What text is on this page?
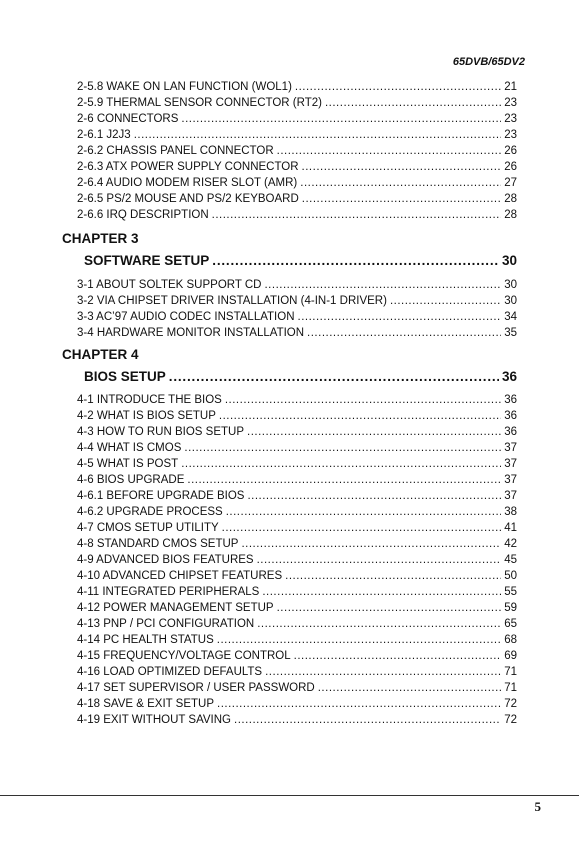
65DVB/65DV2
2-5.8 WAKE ON LAN FUNCTION (WOL1) .....	21
2-5.9 THERMAL SENSOR CONNECTOR (RT2) .....	23
2-6 CONNECTORS .....	23
2-6.1 J2J3 .....	23
2-6.2 CHASSIS PANEL CONNECTOR .....	26
2-6.3 ATX POWER SUPPLY CONNECTOR .....	26
2-6.4 AUDIO MODEM RISER SLOT (AMR) .....	27
2-6.5 PS/2 MOUSE AND PS/2 KEYBOARD .....	28
2-6.6 IRQ DESCRIPTION .....	28
CHAPTER 3
SOFTWARE SETUP .....	30
3-1 ABOUT SOLTEK SUPPORT CD .....	30
3-2 VIA CHIPSET DRIVER INSTALLATION (4-IN-1 DRIVER) .....	30
3-3 AC’97 AUDIO CODEC INSTALLATION .....	34
3-4 HARDWARE MONITOR INSTALLATION .....	35
CHAPTER 4
BIOS SETUP .....	36
4-1 INTRODUCE THE BIOS .....	36
4-2 WHAT IS BIOS SETUP .....	36
4-3 HOW TO RUN BIOS SETUP .....	36
4-4 WHAT IS CMOS .....	37
4-5 WHAT IS POST .....	37
4-6 BIOS UPGRADE .....	37
4-6.1 BEFORE UPGRADE BIOS .....	37
4-6.2 UPGRADE PROCESS .....	38
4-7 CMOS SETUP UTILITY .....	41
4-8 STANDARD CMOS SETUP .....	42
4-9 ADVANCED BIOS FEATURES .....	45
4-10 ADVANCED CHIPSET FEATURES .....	50
4-11 INTEGRATED PERIPHERALS .....	55
4-12 POWER MANAGEMENT SETUP .....	59
4-13 PNP / PCI CONFIGURATION .....	65
4-14 PC HEALTH STATUS .....	68
4-15 FREQUENCY/VOLTAGE CONTROL .....	69
4-16 LOAD OPTIMIZED DEFAULTS .....	71
4-17 SET SUPERVISOR / USER PASSWORD .....	71
4-18 SAVE & EXIT SETUP .....	72
4-19 EXIT WITHOUT SAVING .....	72
5
